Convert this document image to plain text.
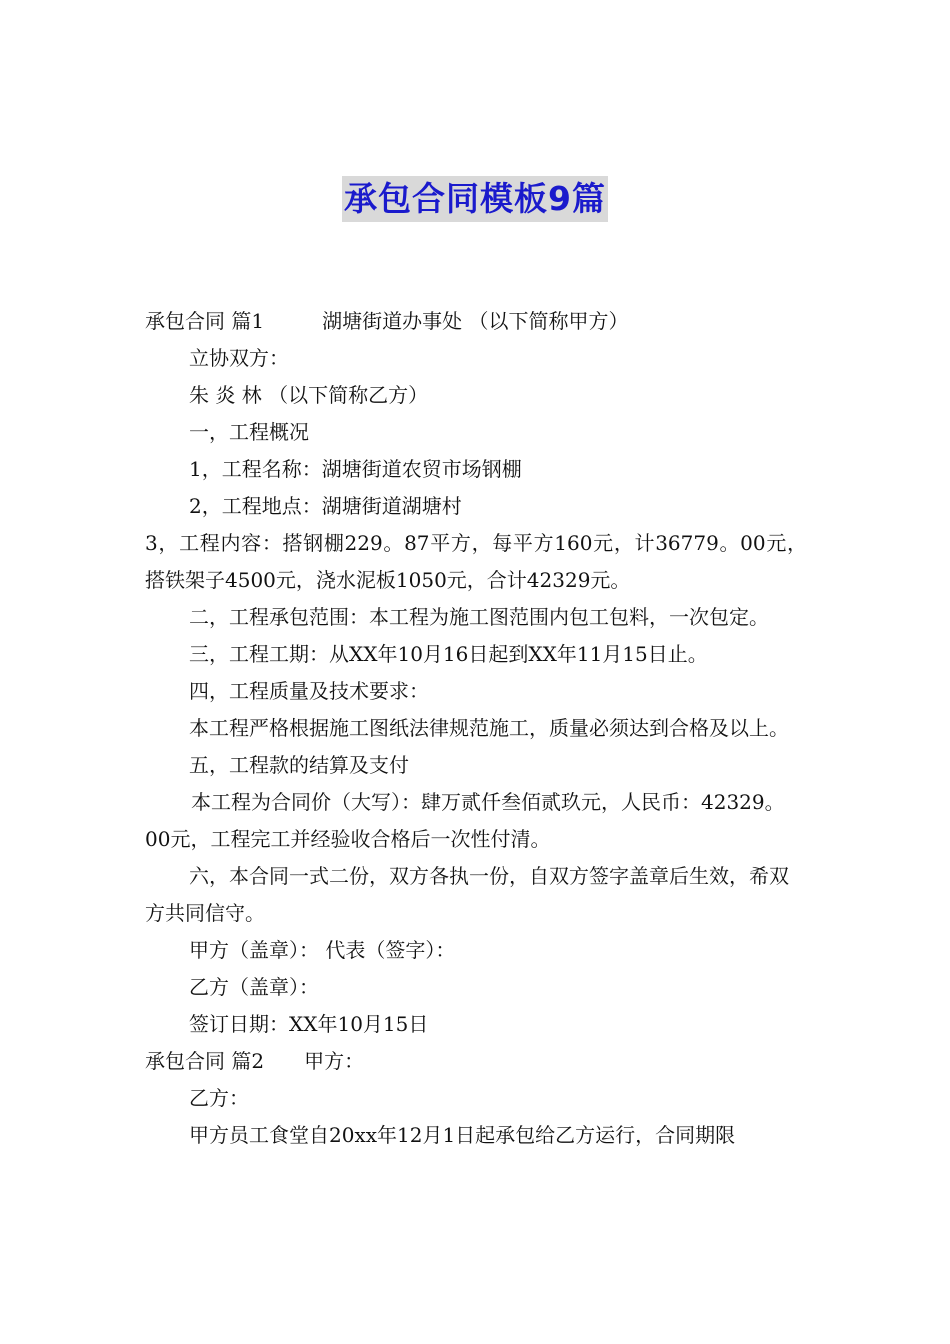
承包合同模板9篇

承包合同 篇1	湖塘街道办事处 （以下简称甲方）

立协双方：

朱 炎 林 （以下简称乙方）

一，工程概况

1，工程名称：湖塘街道农贸市场钢棚

2，工程地点：湖塘街道湖塘村

3，工程内容：搭钢棚229。87平方，每平方160元，计36779。00元，搭铁架子4500元，浇水泥板1050元，合计42329元。

二，工程承包范围：本工程为施工图范围内包工包料，一次包定。

三，工程工期：从XX年10月16日起到XX年11月15日止。

四，工程质量及技术要求：

本工程严格根据施工图纸法律规范施工，质量必须达到合格及以上。

五，工程款的结算及支付

本工程为合同价（大写）：肆万贰仟叁佰贰玖元，人民币：42329。00元，工程完工并经验收合格后一次性付清。

六，本合同一式二份，双方各执一份，自双方签字盖章后生效，希双方共同信守。

甲方（盖章）： 代表（签字）：

乙方（盖章）：

签订日期：XX年10月15日

承包合同 篇2 甲方：

乙方：

甲方员工食堂自20xx年12月1日起承包给乙方运行，合同期限
